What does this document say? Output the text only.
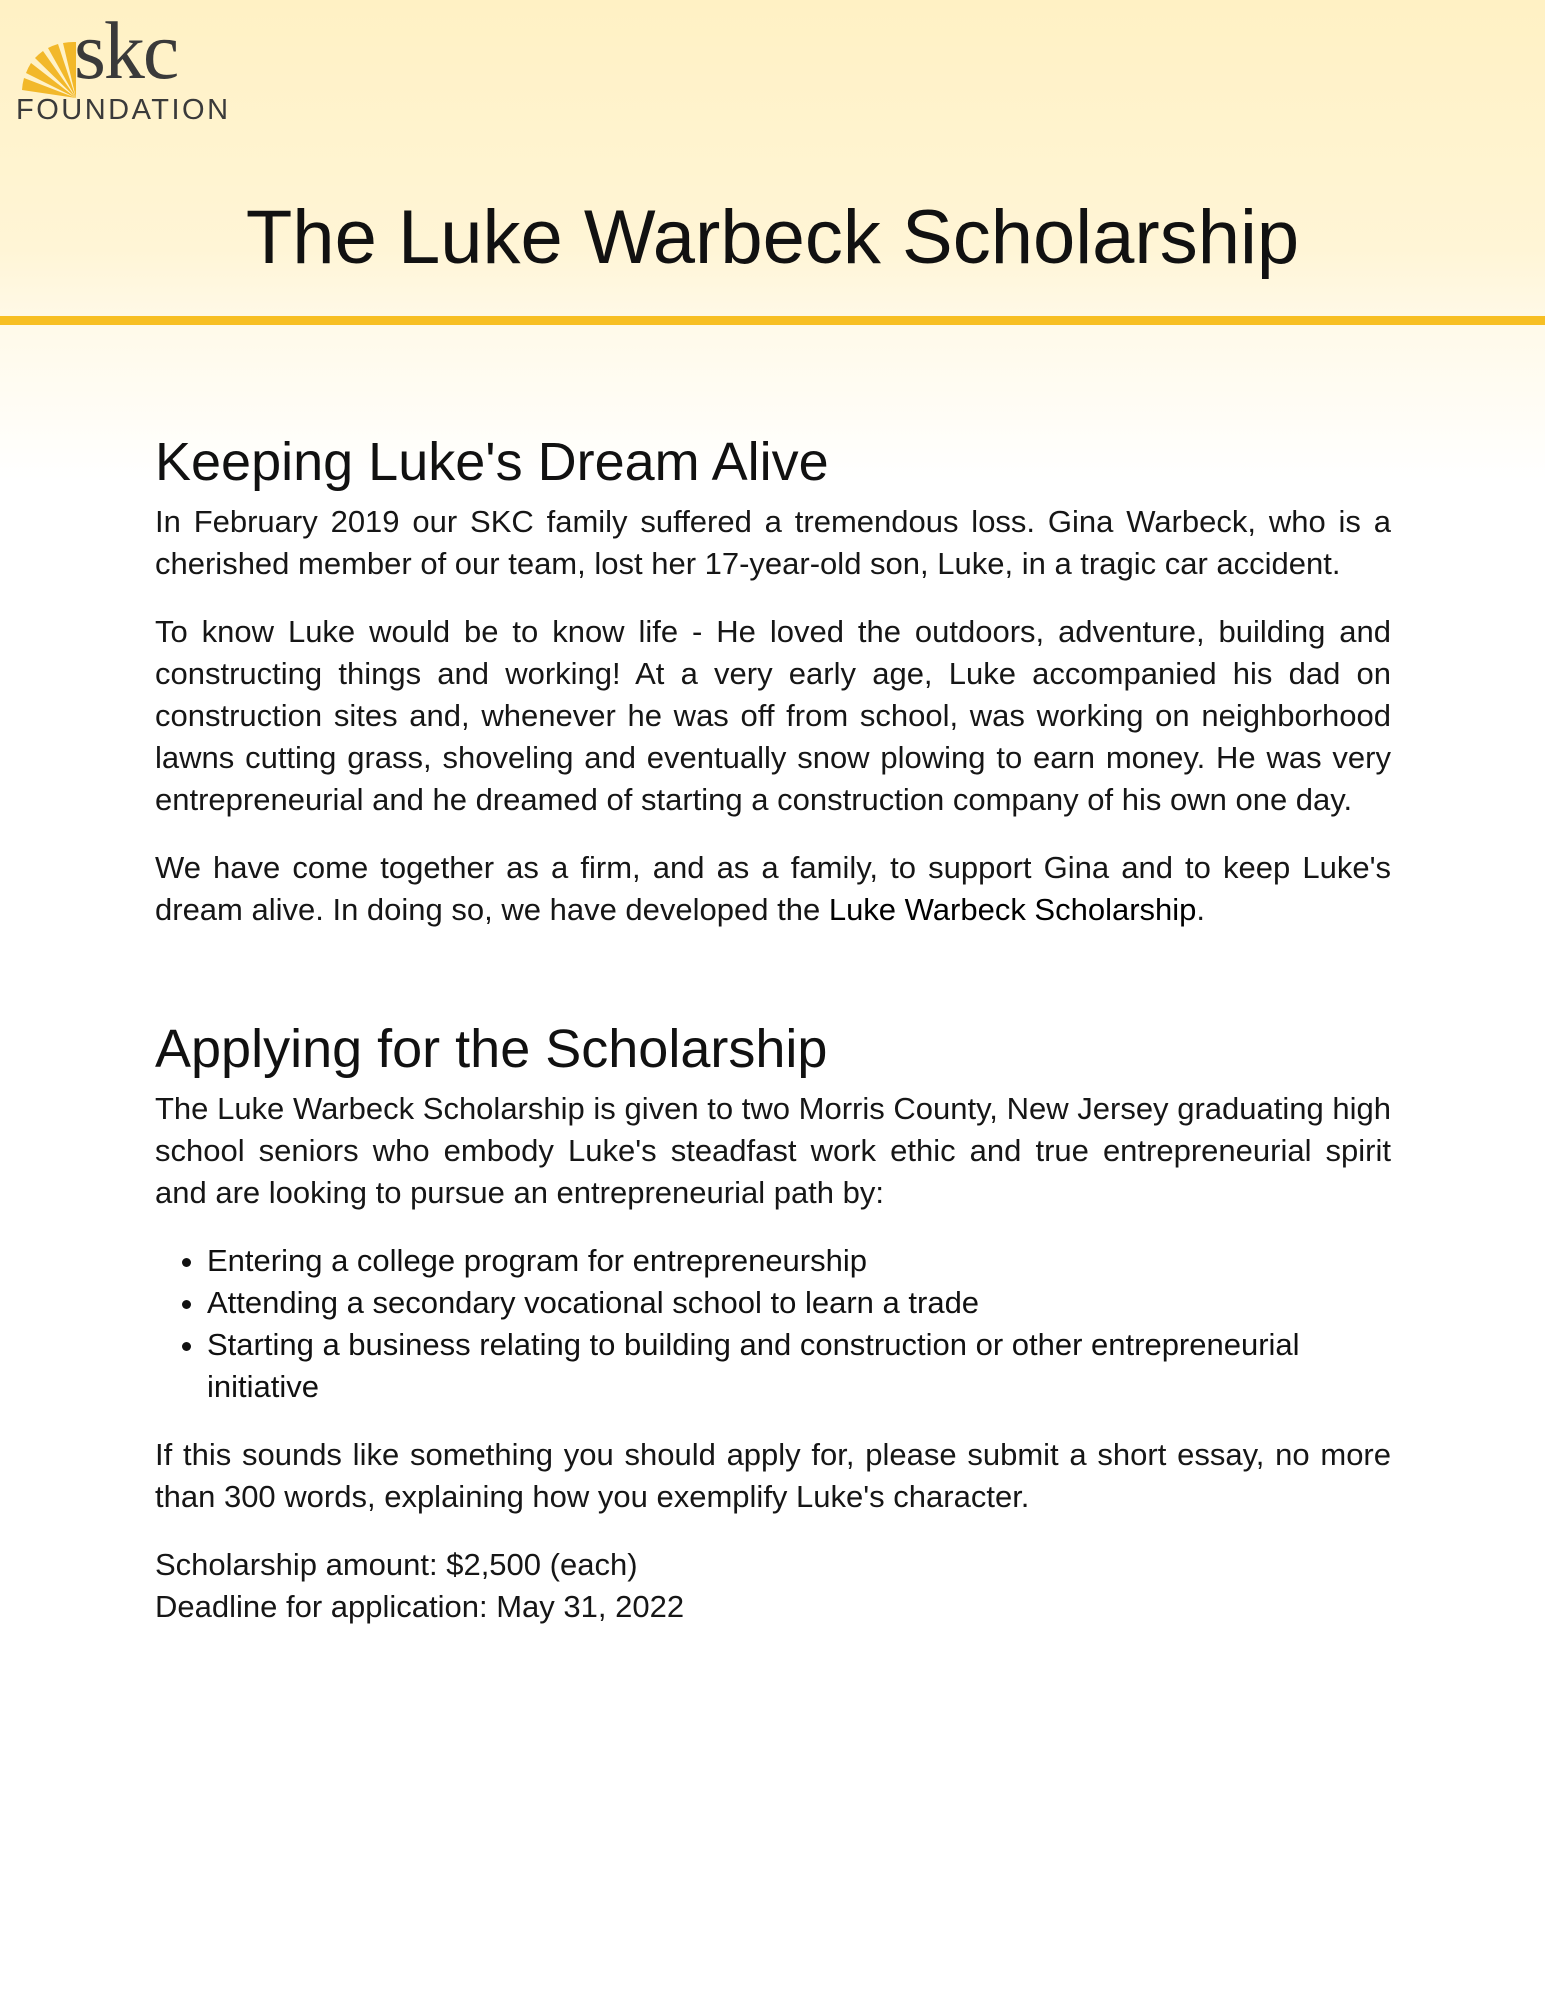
skc
FOUNDATION
The Luke Warbeck Scholarship
Keeping Luke's Dream Alive

In February 2019 our SKC family suffered a tremendous loss. Gina Warbeck, who is a cherished member of our team, lost her 17-year-old son, Luke, in a tragic car accident.

To know Luke would be to know life - He loved the outdoors, adventure, building and constructing things and working! At a very early age, Luke accompanied his dad on construction sites and, whenever he was off from school, was working on neighborhood lawns cutting grass, shoveling and eventually snow plowing to earn money. He was very entrepreneurial and he dreamed of starting a construction company of his own one day.

We have come together as a firm, and as a family, to support Gina and to keep Luke's dream alive. In doing so, we have developed the Luke Warbeck Scholarship.

Applying for the Scholarship

The Luke Warbeck Scholarship is given to two Morris County, New Jersey graduating high school seniors who embody Luke's steadfast work ethic and true entrepreneurial spirit and are looking to pursue an entrepreneurial path by:

• Entering a college program for entrepreneurship
• Attending a secondary vocational school to learn a trade
• Starting a business relating to building and construction or other entrepreneurial initiative

If this sounds like something you should apply for, please submit a short essay, no more than 300 words, explaining how you exemplify Luke's character.

Scholarship amount: $2,500 (each)

Deadline for application: May 31, 2022
